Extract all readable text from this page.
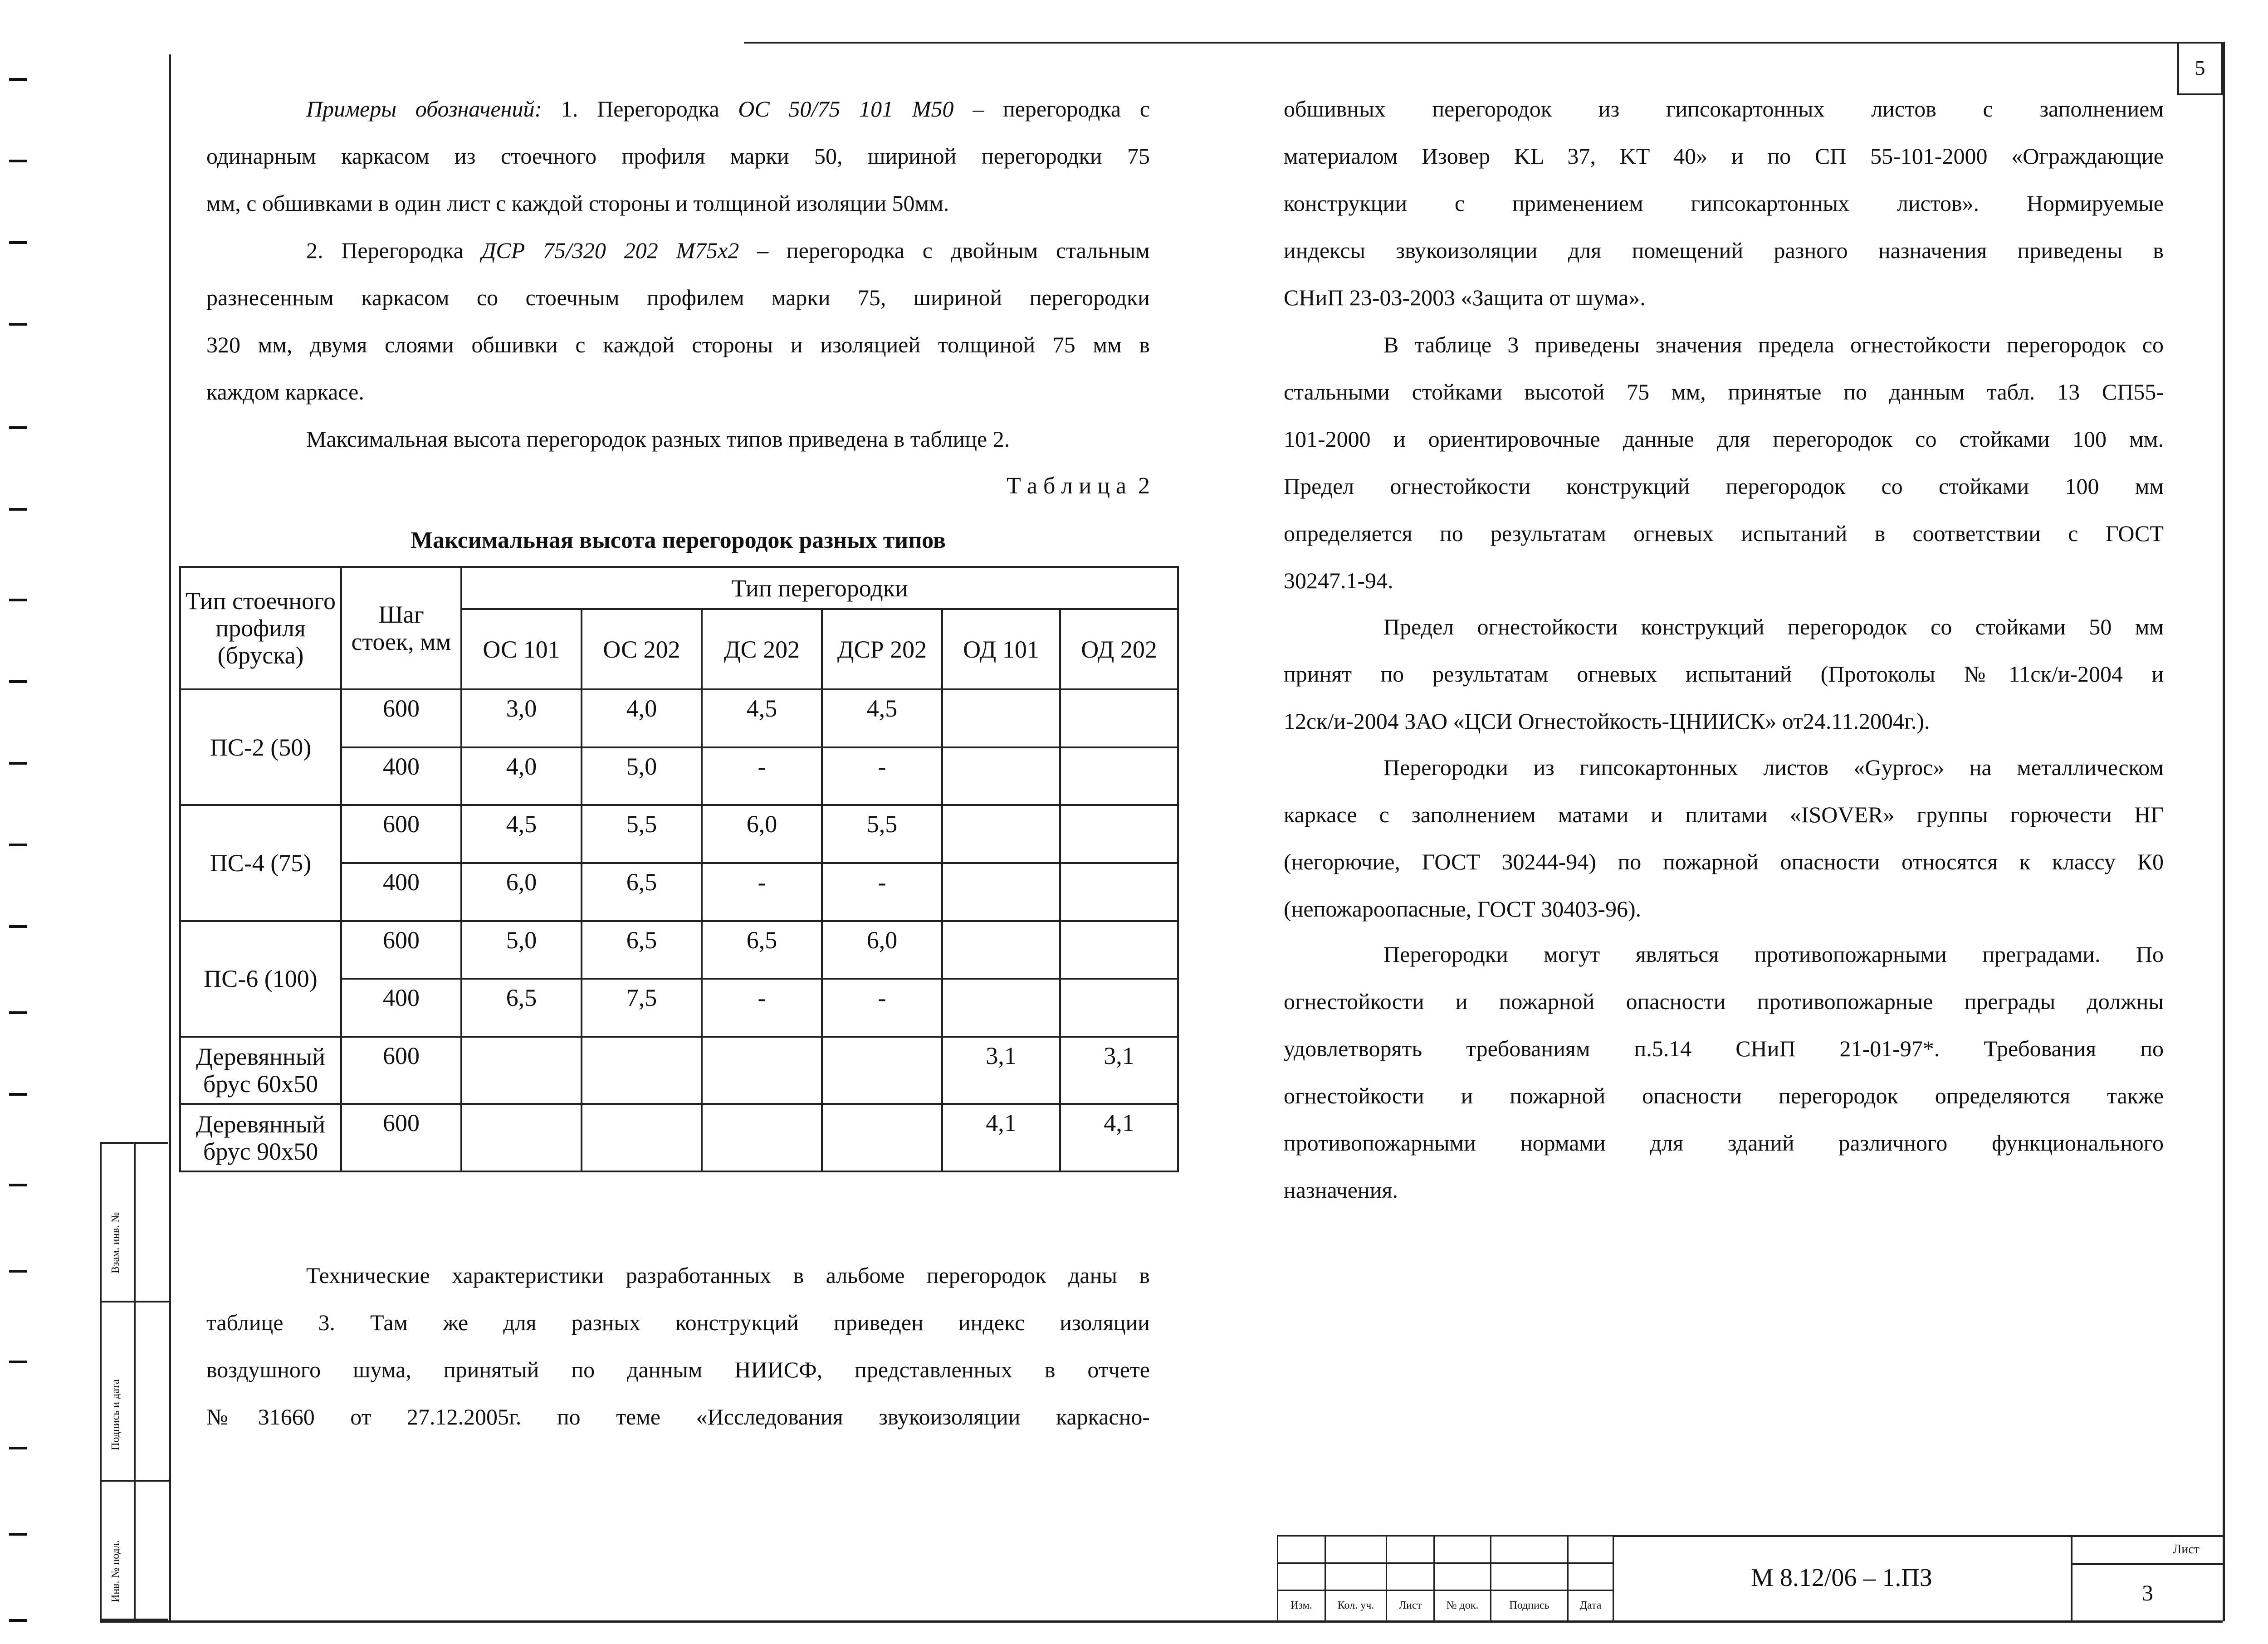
5
Взам. инв. №
Подпись и дата
Инв. № подл.
Примеры обозначений: 1. Перегородка ОС 50/75 101 М50 – перегородка с
одинарным каркасом из стоечного профиля марки 50, шириной перегородки 75
мм, с обшивками в один лист с каждой стороны и толщиной изоляции 50мм.
2. Перегородка ДСР 75/320 202 М75х2 – перегородка с двойным стальным
разнесенным каркасом со стоечным профилем марки 75, шириной перегородки
320 мм, двумя слоями обшивки с каждой стороны и изоляцией толщиной 75 мм в
каждом каркасе.
Максимальная высота перегородок разных типов приведена в таблице 2.
Т а б л и ц а  2
Максимальная высота перегородок разных типов
Тип стоечного профиля (бруска)	Шаг стоек, мм	Тип перегородки					
		ОС 101	ОС 202	ДС 202	ДСР 202	ОД 101	ОД 202
ПС-2 (50)	600	3,0	4,0	4,5	4,5		
	400	4,0	5,0	-	-		
ПС-4 (75)	600	4,5	5,5	6,0	5,5		
	400	6,0	6,5	-	-		
ПС-6 (100)	600	5,0	6,5	6,5	6,0		
	400	6,5	7,5	-	-		
Деревянный брус 60х50	600					3,1	3,1
Деревянный брус 90х50	600					4,1	4,1
Технические характеристики разработанных в альбоме перегородок даны в
таблице 3. Там же для разных конструкций приведен индекс изоляции
воздушного шума, принятый по данным НИИСФ, представленных в отчете
№31660 от 27.12.2005г. по теме «Исследования звукоизоляции каркасно-
обшивных перегородок из гипсокартонных листов с заполнением
материалом Изовер KL 37, KT 40» и по СП 55-101-2000 «Ограждающие
конструкции с применением гипсокартонных листов». Нормируемые
индексы звукоизоляции для помещений разного назначения приведены в
СНиП 23-03-2003 «Защита от шума».
В таблице 3 приведены значения предела огнестойкости перегородок со
стальными стойками высотой 75 мм, принятые по данным табл. 13 СП55-
101-2000 и ориентировочные данные для перегородок со стойками 100 мм.
Предел огнестойкости конструкций перегородок со стойками 100 мм
определяется по результатам огневых испытаний в соответствии с ГОСТ
30247.1-94.
Предел огнестойкости конструкций перегородок со стойками 50 мм
принят по результатам огневых испытаний (Протоколы №11ск/и-2004 и
12ск/и-2004 ЗАО «ЦСИ Огнестойкость-ЦНИИСК» от24.11.2004г.).
Перегородки из гипсокартонных листов «Gyproc» на металлическом
каркасе с заполнением матами и плитами «ISOVER» группы горючести НГ
(негорючие, ГОСТ 30244-94) по пожарной опасности относятся к классу К0
(непожароопасные, ГОСТ 30403-96).
Перегородки могут являться противопожарными преградами. По
огнестойкости и пожарной опасности противопожарные преграды должны
удовлетворять требованиям п.5.14 СНиП 21-01-97*. Требования по
огнестойкости и пожарной опасности перегородок определяются также
противопожарными нормами для зданий различного функционального
назначения.

Изм.	Кол. уч.	Лист	№ док.	Подпись	Дата
М 8.12/06 – 1.ПЗ
Лист
3
